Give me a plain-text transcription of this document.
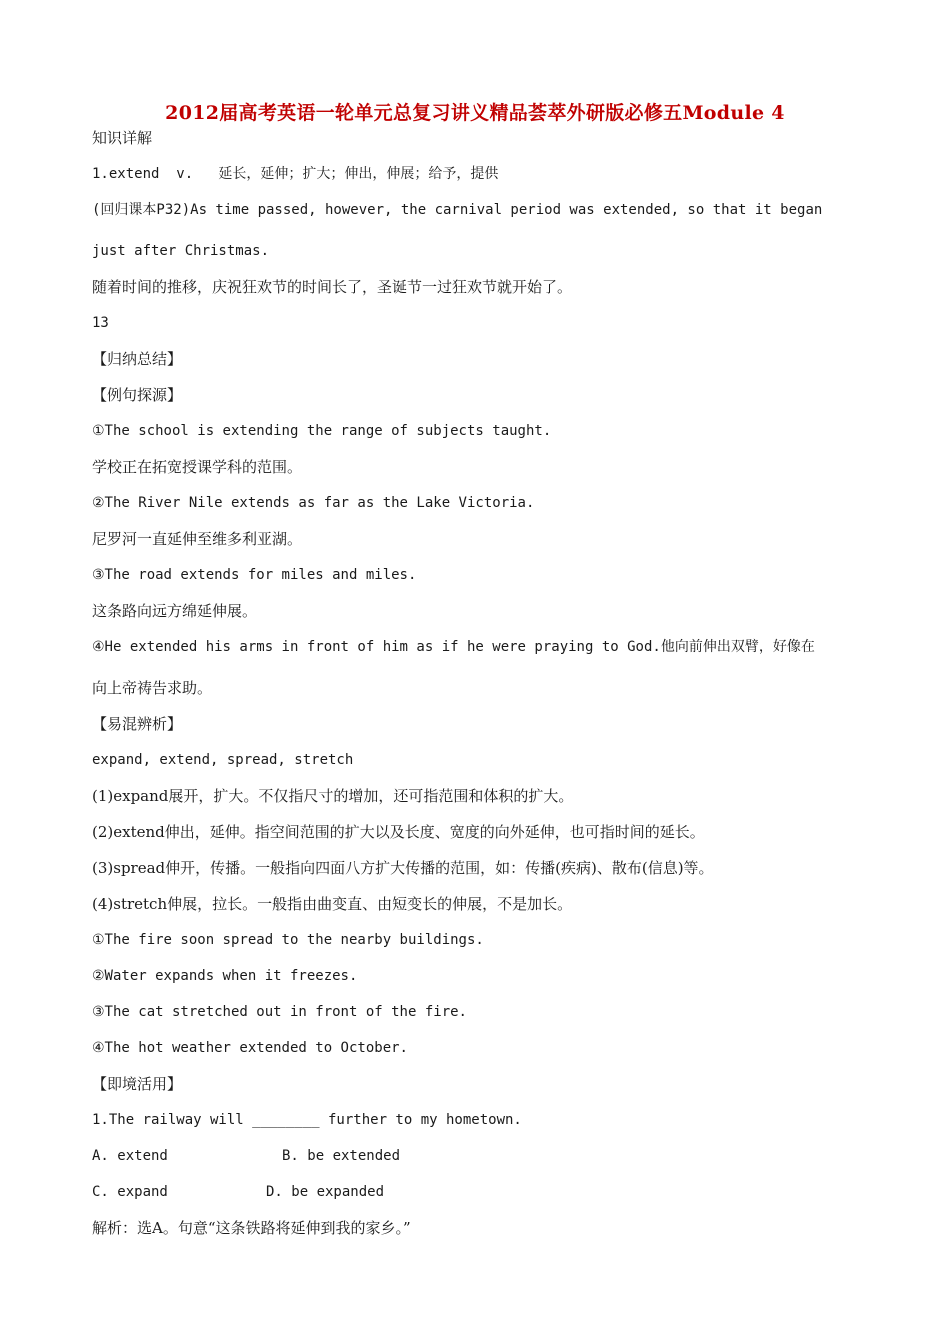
2012届高考英语一轮单元总复习讲义精品荟萃外研版必修五Module 4
知识详解
1.extend  v.   延长，延伸；扩大；伸出，伸展；给予，提供
(回归课本P32)As time passed, however, the carnival period was extended, so that it began
just after Christmas.
随着时间的推移，庆祝狂欢节的时间长了，圣诞节一过狂欢节就开始了。
13
【归纳总结】
【例句探源】
①The school is extending the range of subjects taught.
学校正在拓宽授课学科的范围。
②The River Nile extends as far as the Lake Victoria.
尼罗河一直延伸至维多利亚湖。
③The road extends for miles and miles.
这条路向远方绵延伸展。
④He extended his arms in front of him as if he were praying to God.他向前伸出双臂，好像在
向上帝祷告求助。
【易混辨析】
expand, extend, spread, stretch
(1)expand展开，扩大。不仅指尺寸的增加，还可指范围和体积的扩大。
(2)extend伸出，延伸。指空间范围的扩大以及长度、宽度的向外延伸，也可指时间的延长。
(3)spread伸开，传播。一般指向四面八方扩大传播的范围，如：传播(疾病)、散布(信息)等。
(4)stretch伸展，拉长。一般指由曲变直、由短变长的伸展，不是加长。
①The fire soon spread to the nearby buildings.
②Water expands when it freezes.
③The cat stretched out in front of the fire.
④The hot weather extended to October.
【即境活用】
1.The railway will ________ further to my hometown.
A. extend	B. be extended
C. expand	D. be expanded
解析：选A。句意“这条铁路将延伸到我的家乡。”
